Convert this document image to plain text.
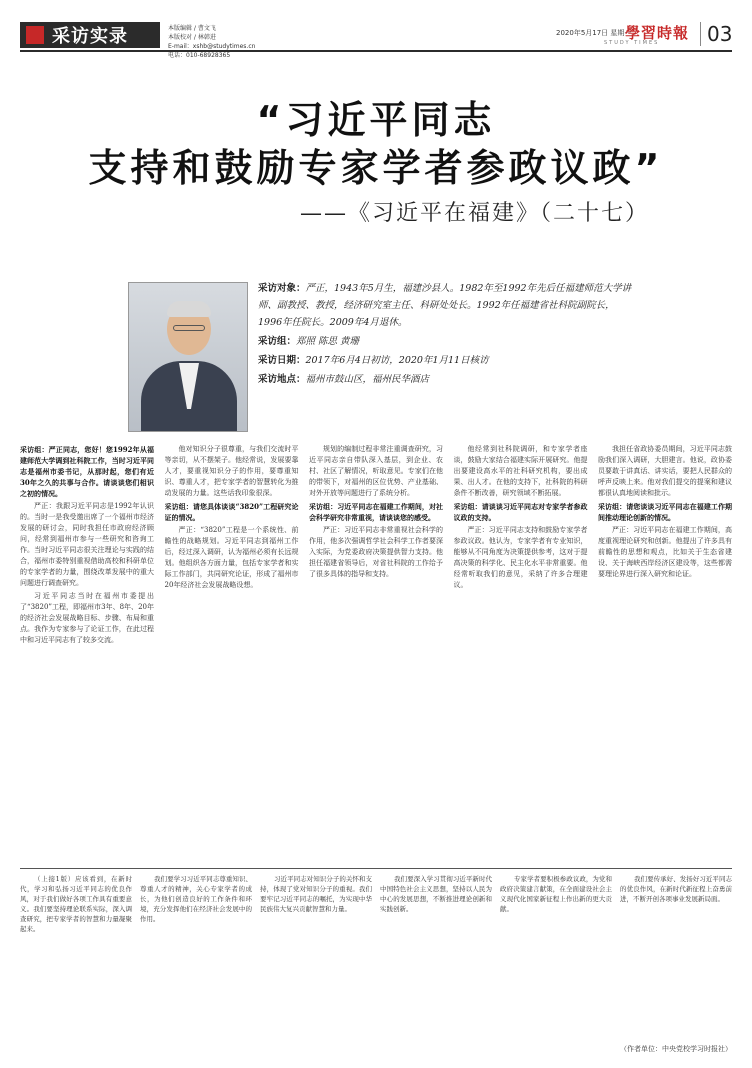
采访实录	本版编辑 / 曹文飞
本版校对 / 林韩进
E-mail：xshb@studytimes.cn
电话：010-68928365
2020年5月17日 星期一
學習時報
STUDY TIMES	03
“习近平同志
支持和鼓励专家学者参政议政”
——《习近平在福建》（二十七）
采访对象：严正，1943年5月生，福建沙县人。1982年至1992年先后任福建师范大学讲师、副教授、教授，经济研究室主任、科研处处长。1992年任福建省社科院副院长，1996年任院长。2009年4月退休。
采访组：郑照 陈思 黄珊
采访日期：2017年6月4日初访，2020年1月11日核访
采访地点：福州市鼓山区，福州民华酒店

采访组：严正同志，您好！您1992年从福建师范大学调到社科院工作，当时习近平同志是福州市委书记，从那时起，您们有近30年之久的共事与合作。请谈谈您们相识之初的情况。

严正：我跟习近平同志是1992年认识的。当时一是我受邀出席了一个福州市经济发展的研讨会，同时我担任市政府经济顾问，经常到福州市参与一些研究和咨询工作。当时习近平同志很关注理论与实践的结合，福州市委特别重视借助高校和科研单位的专家学者的力量，围绕改革发展中的重大问题进行调查研究。

习近平同志当时在福州市委提出了“3820”工程，即福州市3年、8年、20年的经济社会发展战略目标、步骤、布局和重点。我作为专家参与了论证工作，在此过程中和习近平同志有了较多交流。

他对知识分子很尊重，与我们交流时平等亲切，从不摆架子。他经常说，发展要靠人才，要重视知识分子的作用，要尊重知识、尊重人才，把专家学者的智慧转化为推动发展的力量。这些话我印象很深。

采访组：请您具体谈谈“3820”工程研究论证的情况。

严正：“3820”工程是一个系统性、前瞻性的战略规划。习近平同志到福州工作后，经过深入调研，认为福州必须有长远规划。他组织各方面力量，包括专家学者和实际工作部门，共同研究论证，形成了福州市20年经济社会发展战略设想。

规划的编制过程非常注重调查研究，习近平同志亲自带队深入基层，到企业、农村、社区了解情况，听取意见。专家们在他的带领下，对福州的区位优势、产业基础、对外开放等问题进行了系统分析。

采访组：习近平同志在福建工作期间，对社会科学研究非常重视，请谈谈您的感受。

严正：习近平同志非常重视社会科学的作用，他多次强调哲学社会科学工作者要深入实际，为党委政府决策提供智力支持。他担任福建省领导后，对省社科院的工作给予了很多具体的指导和支持。

他经常到社科院调研，和专家学者座谈，鼓励大家结合福建实际开展研究。他提出要建设高水平的社科研究机构，要出成果、出人才。在他的支持下，社科院的科研条件不断改善，研究领域不断拓展。

采访组：请谈谈习近平同志对专家学者参政议政的支持。

严正：习近平同志支持和鼓励专家学者参政议政。他认为，专家学者有专业知识，能够从不同角度为决策提供参考，这对于提高决策的科学化、民主化水平非常重要。他经常听取我们的意见，采纳了许多合理建议。

我担任省政协委员期间，习近平同志鼓励我们深入调研，大胆建言。他说，政协委员要敢于讲真话、讲实话，要把人民群众的呼声反映上来。他对我们提交的提案和建议都很认真地阅读和批示。

采访组：请您谈谈习近平同志在福建工作期间推动理论创新的情况。

严正：习近平同志在福建工作期间，高度重视理论研究和创新。他提出了许多具有前瞻性的思想和观点，比如关于生态省建设、关于海峡西岸经济区建设等，这些都需要理论界进行深入研究和论证。

（上接1版）应该看到，在新时代，学习和弘扬习近平同志的优良作风，对于我们做好各项工作具有重要意义。我们要坚持理论联系实际，深入调查研究，把专家学者的智慧和力量凝聚起来。

我们要学习习近平同志尊重知识、尊重人才的精神，关心专家学者的成长，为他们创造良好的工作条件和环境，充分发挥他们在经济社会发展中的作用。

习近平同志对知识分子的关怀和支持，体现了党对知识分子的重视。我们要牢记习近平同志的嘱托，为实现中华民族伟大复兴贡献智慧和力量。

我们要深入学习贯彻习近平新时代中国特色社会主义思想，坚持以人民为中心的发展思想，不断推进理论创新和实践创新。

专家学者要积极参政议政，为党和政府决策建言献策，在全面建设社会主义现代化国家新征程上作出新的更大贡献。

我们要传承好、发扬好习近平同志的优良作风，在新时代新征程上奋勇前进，不断开创各项事业发展新局面。

（作者单位：中央党校学习时报社）
